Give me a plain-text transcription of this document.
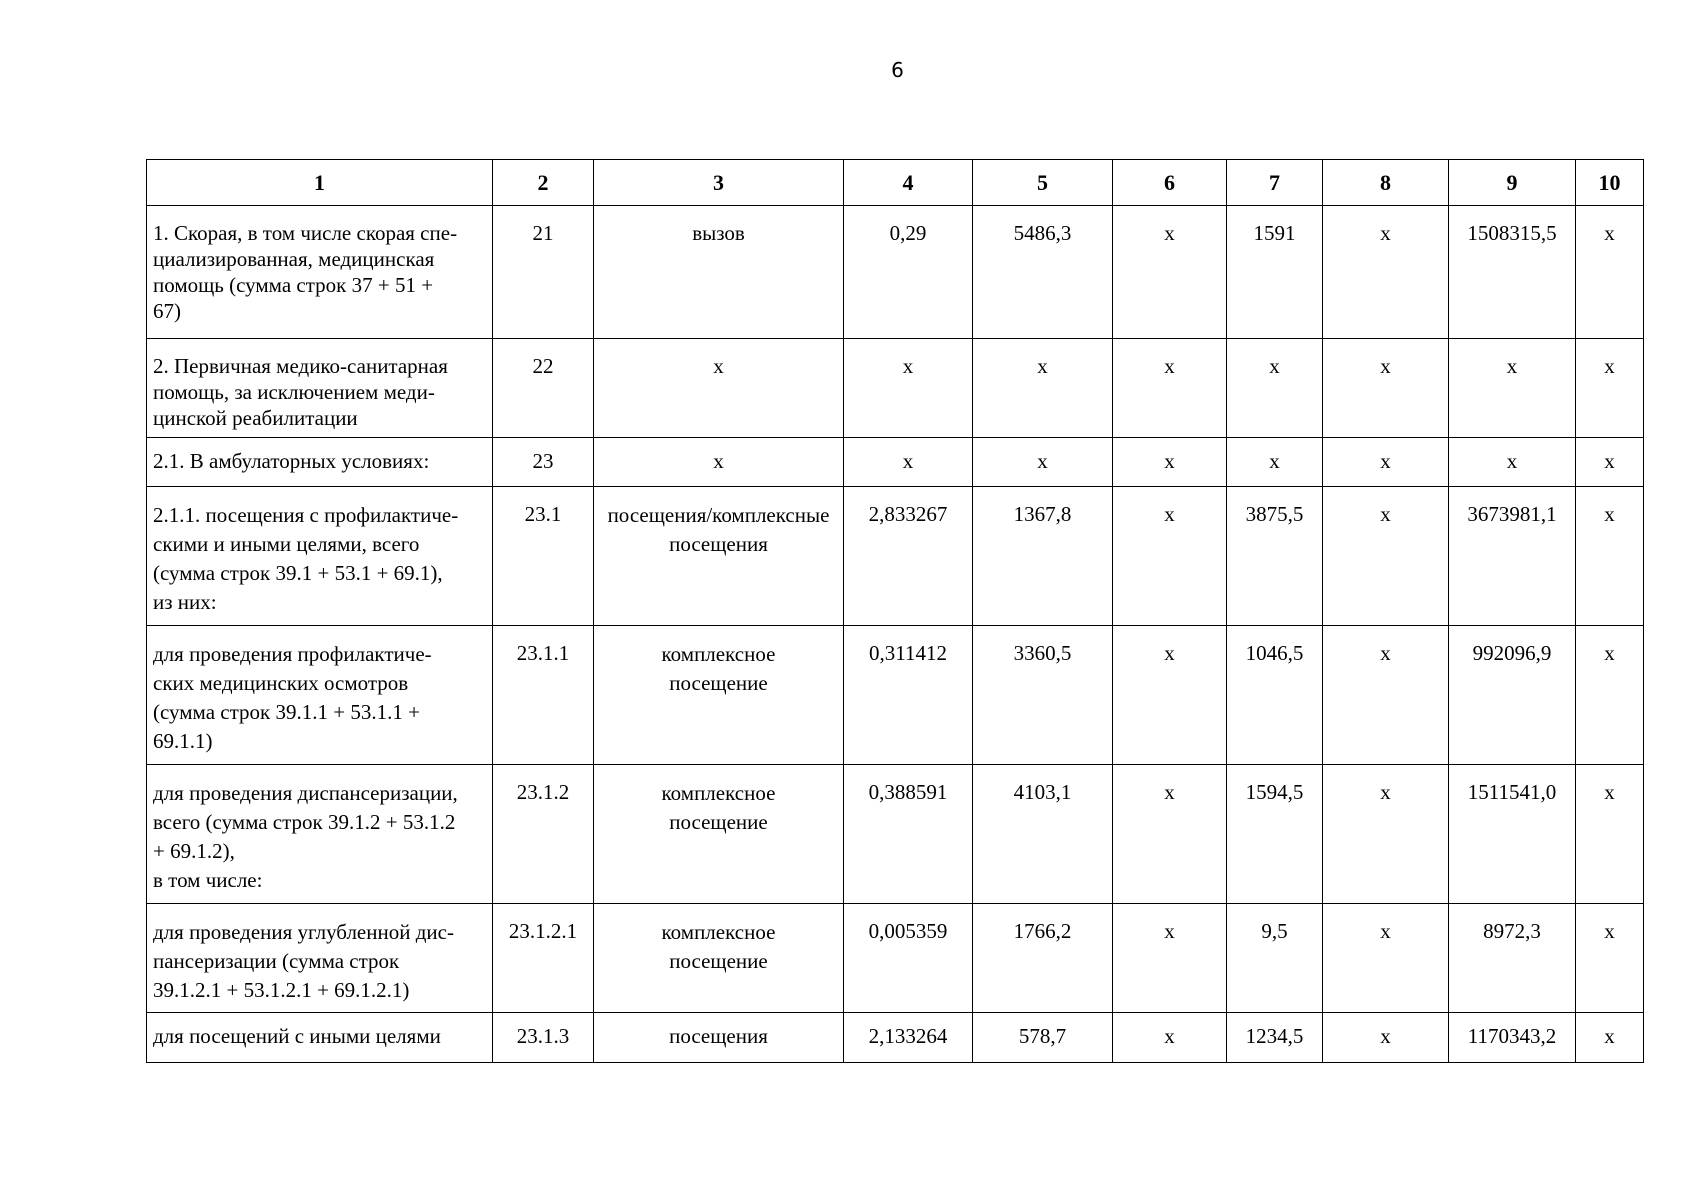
6
1	2	3	4	5	6	7	8	9	10

1. Скорая, в том числе скорая спе-
циализированная, медицинская
помощь (сумма строк 37 + 51 +
67)	21	вызов	0,29	5486,3	х	1591	х	1508315,5	х

2. Первичная медико-санитарная
помощь, за исключением меди-
цинской реабилитации	22	х	х	х	х	х	х	х	х

2.1. В амбулаторных условиях:	23	х	х	х	х	х	х	х	х

2.1.1. посещения с профилактиче-
скими и иными целями, всего
(сумма строк 39.1 + 53.1 + 69.1),
из них:	23.1	посещения/комплексные
посещения	2,833267	1367,8	х	3875,5	х	3673981,1	х

для проведения профилактиче-
ских медицинских осмотров
(сумма строк 39.1.1 + 53.1.1 +
69.1.1)	23.1.1	комплексное
посещение	0,311412	3360,5	х	1046,5	х	992096,9	х

для проведения диспансеризации,
всего (сумма строк 39.1.2 + 53.1.2
+ 69.1.2),
в том числе:	23.1.2	комплексное
посещение	0,388591	4103,1	х	1594,5	х	1511541,0	х

для проведения углубленной дис-
пансеризации (сумма строк
39.1.2.1 + 53.1.2.1 + 69.1.2.1)	23.1.2.1	комплексное
посещение	0,005359	1766,2	х	9,5	х	8972,3	х

для посещений с иными целями	23.1.3	посещения	2,133264	578,7	х	1234,5	х	1170343,2	х
